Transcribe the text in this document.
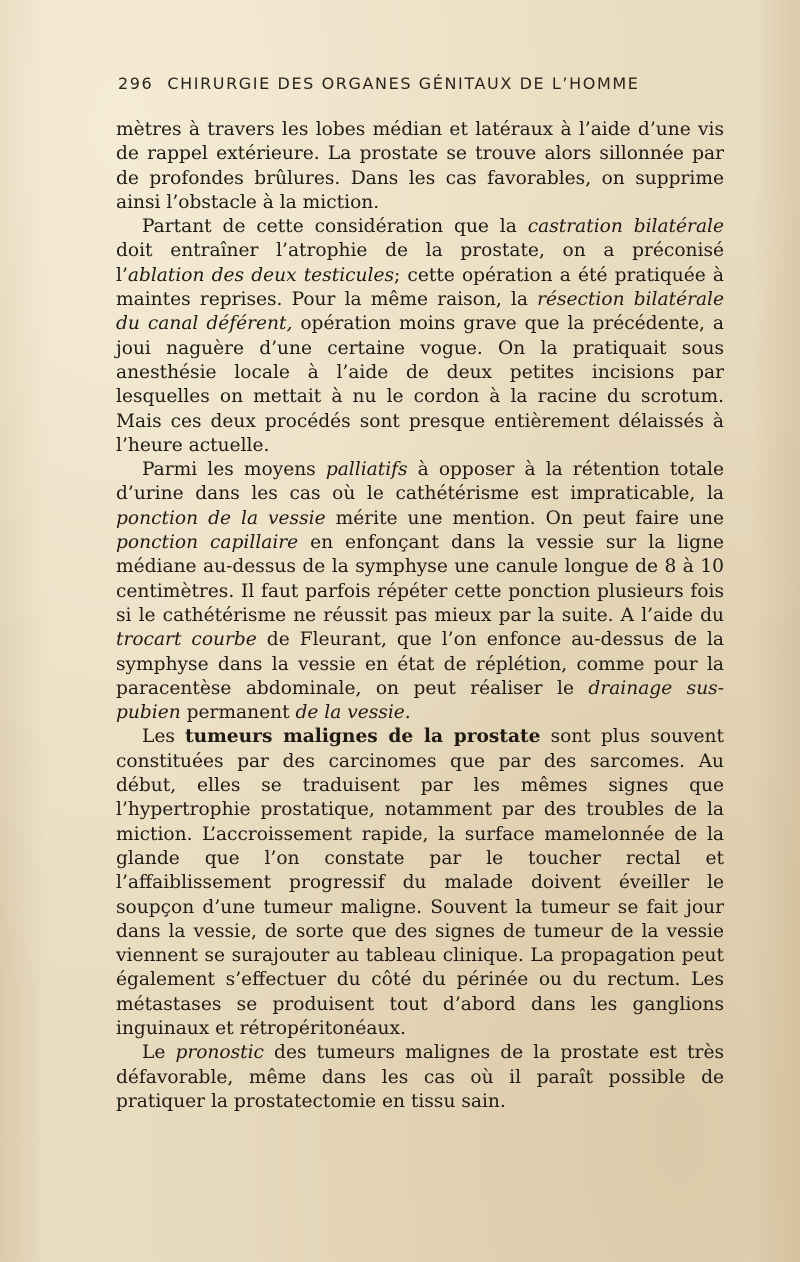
296 CHIRURGIE DES ORGANES GÉNITAUX DE L’HOMME

mètres à travers les lobes médian et latéraux à l’aide d’une vis de rappel extérieure. La prostate se trouve alors sillonnée par de profondes brûlures. Dans les cas favorables, on supprime ainsi l’obstacle à la miction.

Partant de cette considération que la castration bilatérale doit entraîner l’atrophie de la prostate, on a préconisé l’ablation des deux testicules; cette opération a été pratiquée à maintes reprises. Pour la même raison, la résection bilatérale du canal déférent, opération moins grave que la précédente, a joui naguère d’une certaine vogue. On la pratiquait sous anesthésie locale à l’aide de deux petites incisions par lesquelles on mettait à nu le cordon à la racine du scrotum. Mais ces deux procédés sont presque entièrement délaissés à l’heure actuelle.

Parmi les moyens palliatifs à opposer à la rétention totale d’urine dans les cas où le cathétérisme est impraticable, la ponction de la vessie mérite une mention. On peut faire une ponction capillaire en enfonçant dans la vessie sur la ligne médiane au-dessus de la symphyse une canule longue de 8 à 10 centimètres. Il faut parfois répéter cette ponction plusieurs fois si le cathétérisme ne réussit pas mieux par la suite. A l’aide du trocart courbe de Fleurant, que l’on enfonce au-dessus de la symphyse dans la vessie en état de réplétion, comme pour la paracentèse abdominale, on peut réaliser le drainage sus-pubien permanent de la vessie.

Les tumeurs malignes de la prostate sont plus souvent constituées par des carcinomes que par des sarcomes. Au début, elles se traduisent par les mêmes signes que l’hypertrophie prostatique, notamment par des troubles de la miction. L’accroissement rapide, la surface mamelonnée de la glande que l’on constate par le toucher rectal et l’affaiblissement progressif du malade doivent éveiller le soupçon d’une tumeur maligne. Souvent la tumeur se fait jour dans la vessie, de sorte que des signes de tumeur de la vessie viennent se surajouter au tableau clinique. La propagation peut également s’effectuer du côté du périnée ou du rectum. Les métastases se produisent tout d’abord dans les ganglions inguinaux et rétropéritonéaux.

Le pronostic des tumeurs malignes de la prostate est très défavorable, même dans les cas où il paraît possible de pratiquer la prostatectomie en tissu sain.
